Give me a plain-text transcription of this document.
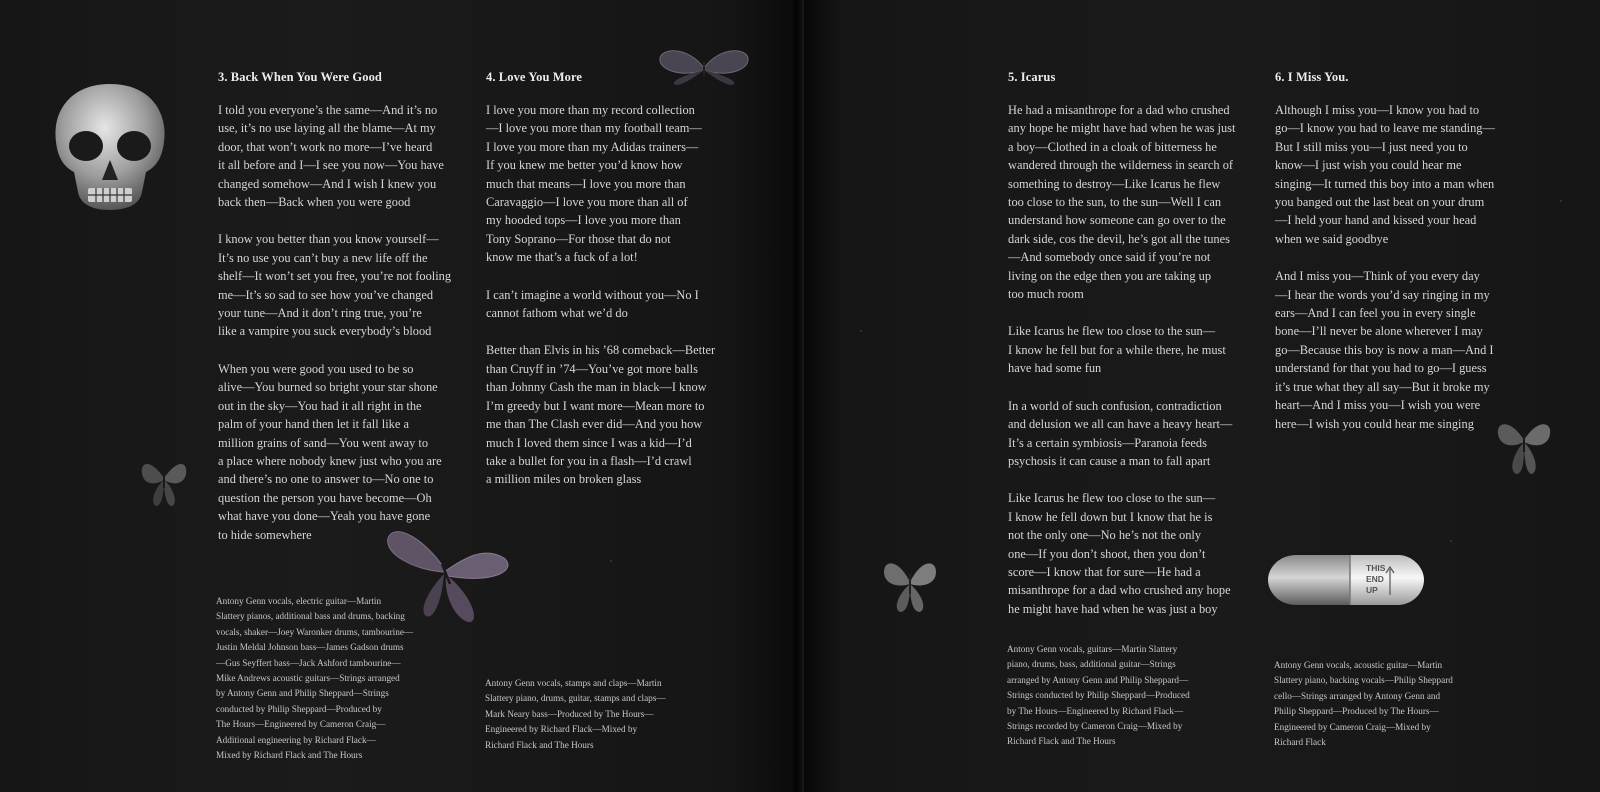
THIS
END
UP
3. Back When You Were Good

I told you everyone’s the same—And it’s no
use, it’s no use laying all the blame—At my
door, that won’t work no more—I’ve heard
it all before and I—I see you now—You have
changed somehow—And I wish I knew you
back then—Back when you were good

I know you better than you know yourself—
It’s no use you can’t buy a new life off the
shelf—It won’t set you free, you’re not fooling
me—It’s so sad to see how you’ve changed
your tune—And it don’t ring true, you’re
like a vampire you suck everybody’s blood

When you were good you used to be so
alive—You burned so bright your star shone
out in the sky—You had it all right in the
palm of your hand then let it fall like a
million grains of sand—You went away to
a place where nobody knew just who you are
and there’s no one to answer to—No one to
question the person you have become—Oh
what have you done—Yeah you have gone
to hide somewhere

Antony Genn vocals, electric guitar—Martin
Slattery pianos, additional bass and drums, backing
vocals, shaker—Joey Waronker drums, tambourine—
Justin Meldal Johnson bass—James Gadson drums
—Gus Seyffert bass—Jack Ashford tambourine—
Mike Andrews acoustic guitars—Strings arranged
by Antony Genn and Philip Sheppard—Strings
conducted by Philip Sheppard—Produced by
The Hours—Engineered by Cameron Craig—
Additional engineering by Richard Flack—
Mixed by Richard Flack and The Hours
4. Love You More

I love you more than my record collection
—I love you more than my football team—
I love you more than my Adidas trainers—
If you knew me better you’d know how
much that means—I love you more than
Caravaggio—I love you more than all of
my hooded tops—I love you more than
Tony Soprano—For those that do not
know me that’s a fuck of a lot!

I can’t imagine a world without you—No I
cannot fathom what we’d do

Better than Elvis in his ’68 comeback—Better
than Cruyff in ’74—You’ve got more balls
than Johnny Cash the man in black—I know
I’m greedy but I want more—Mean more to
me than The Clash ever did—And you how
much I loved them since I was a kid—I’d
take a bullet for you in a flash—I’d crawl
a million miles on broken glass

Antony Genn vocals, stamps and claps—Martin
Slattery piano, drums, guitar, stamps and claps—
Mark Neary bass—Produced by The Hours—
Engineered by Richard Flack—Mixed by
Richard Flack and The Hours
5. Icarus

He had a misanthrope for a dad who crushed
any hope he might have had when he was just
a boy—Clothed in a cloak of bitterness he
wandered through the wilderness in search of
something to destroy—Like Icarus he flew
too close to the sun, to the sun—Well I can
understand how someone can go over to the
dark side, cos the devil, he’s got all the tunes
—And somebody once said if you’re not
living on the edge then you are taking up
too much room

Like Icarus he flew too close to the sun—
I know he fell but for a while there, he must
have had some fun

In a world of such confusion, contradiction
and delusion we all can have a heavy heart—
It’s a certain symbiosis—Paranoia feeds
psychosis it can cause a man to fall apart

Like Icarus he flew too close to the sun—
I know he fell down but I know that he is
not the only one—No he’s not the only
one—If you don’t shoot, then you don’t
score—I know that for sure—He had a
misanthrope for a dad who crushed any hope
he might have had when he was just a boy

Antony Genn vocals, guitars—Martin Slattery
piano, drums, bass, additional guitar—Strings
arranged by Antony Genn and Philip Sheppard—
Strings conducted by Philip Sheppard—Produced
by The Hours—Engineered by Richard Flack—
Strings recorded by Cameron Craig—Mixed by
Richard Flack and The Hours
6. I Miss You.

Although I miss you—I know you had to
go—I know you had to leave me standing—
But I still miss you—I just need you to
know—I just wish you could hear me
singing—It turned this boy into a man when
you banged out the last beat on your drum
—I held your hand and kissed your head
when we said goodbye

And I miss you—Think of you every day
—I hear the words you’d say ringing in my
ears—And I can feel you in every single
bone—I’ll never be alone wherever I may
go—Because this boy is now a man—And I
understand for that you had to go—I guess
it’s true what they all say—But it broke my
heart—And I miss you—I wish you were
here—I wish you could hear me singing

Antony Genn vocals, acoustic guitar—Martin
Slattery piano, backing vocals—Philip Sheppard
cello—Strings arranged by Antony Genn and
Philip Sheppard—Produced by The Hours—
Engineered by Cameron Craig—Mixed by
Richard Flack
